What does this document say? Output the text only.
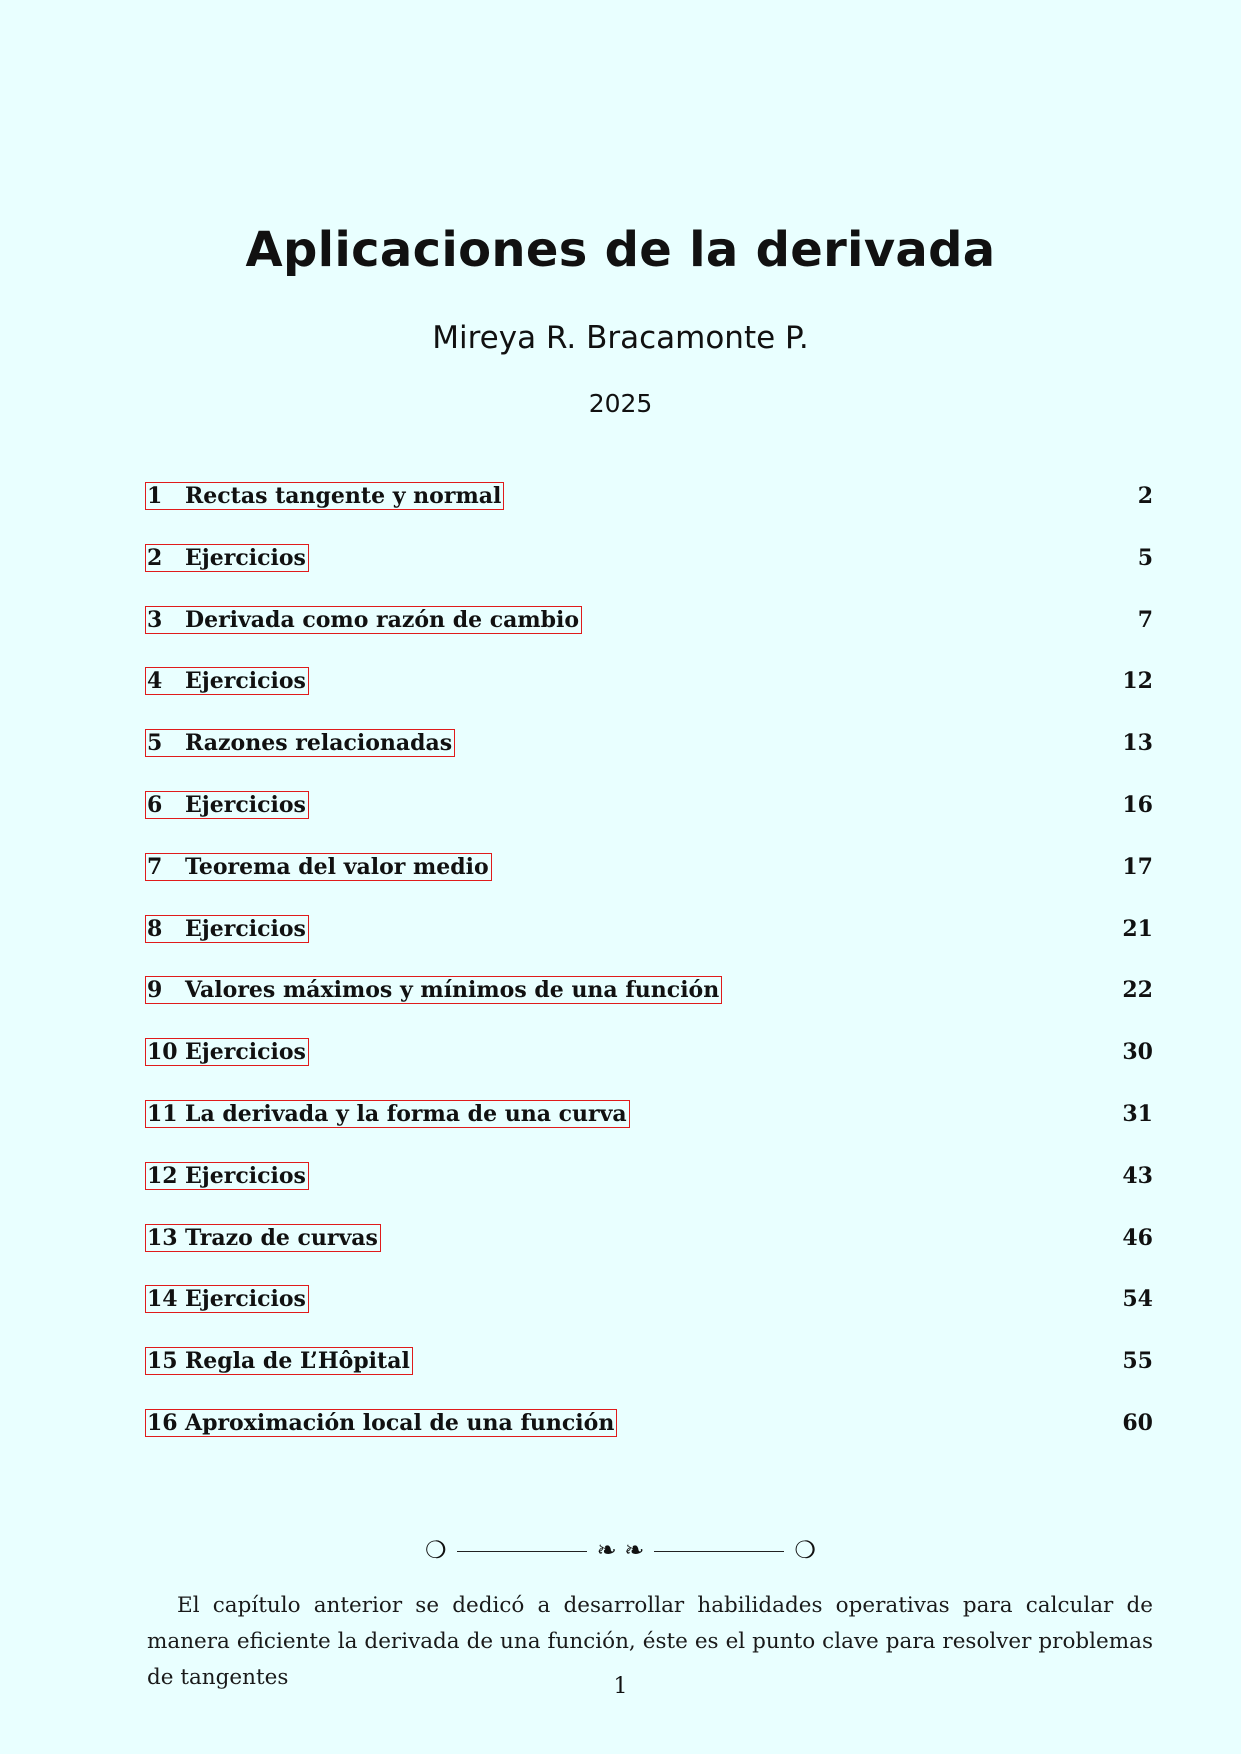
Aplicaciones de la derivada
Mireya R. Bracamonte P.
2025
1	Rectas tangente y normal	2
2	Ejercicios	5
3	Derivada como razón de cambio	7
4	Ejercicios	12
5	Razones relacionadas	13
6	Ejercicios	16
7	Teorema del valor medio	17
8	Ejercicios	21
9	Valores máximos y mínimos de una función	22
10 Ejercicios	30
11 La derivada y la forma de una curva	31
12 Ejercicios	43
13 Trazo de curvas	46
14 Ejercicios	54
15 Regla de L’Hôpital	55
16 Aproximación local de una función	60
❍	❧ ❧	❍
El capítulo anterior se dedicó a desarrollar habilidades operativas para calcular de manera eficiente la derivada de una función, éste es el punto clave para resolver problemas de tangentes	1
